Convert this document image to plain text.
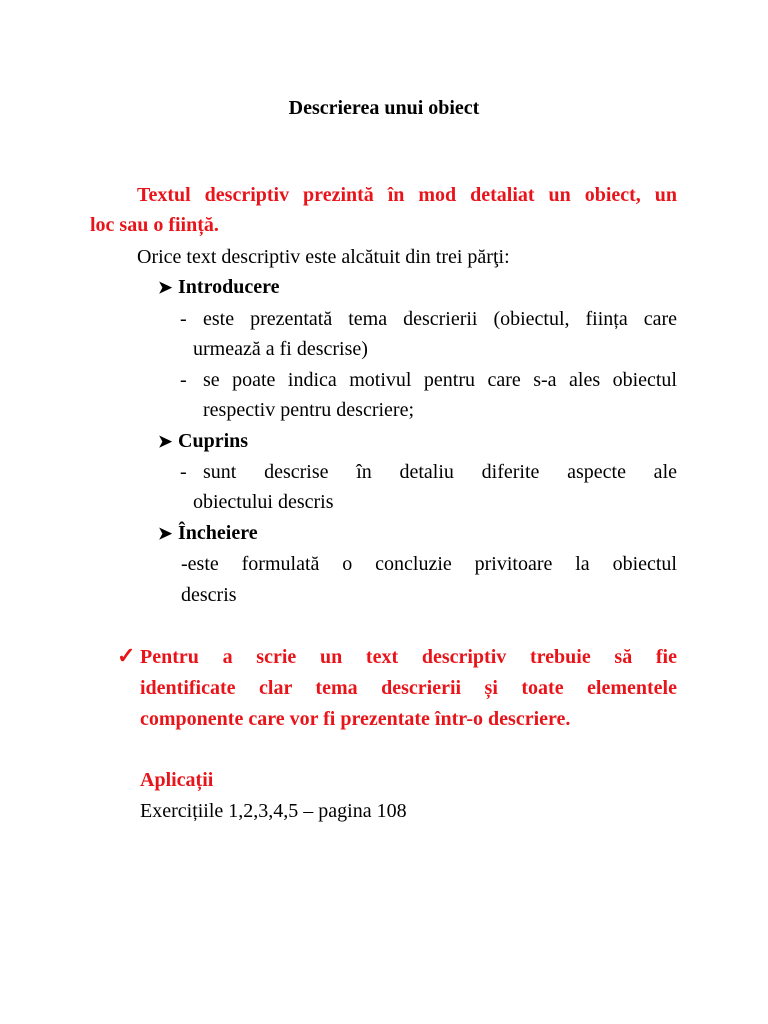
Descrierea unui obiect
Textul descriptiv prezintă în mod detaliat un obiect, un
loc sau o ființă.
Orice text descriptiv este alcătuit din trei părţi:
➤ Introducere
- este prezentată tema descrierii (obiectul, ființa care
urmează a fi descrise)
- se poate indica motivul pentru care s-a ales obiectul
respectiv pentru descriere;
➤ Cuprins
- sunt descrise în detaliu diferite aspecte ale
obiectului descris
➤ Încheiere
-este formulată o concluzie privitoare la obiectul
descris
✓ Pentru a scrie un text descriptiv trebuie să fie
identificate clar tema descrierii și toate elementele
componente care vor fi prezentate într-o descriere.
Aplicații
Exercițiile 1,2,3,4,5 – pagina 108
